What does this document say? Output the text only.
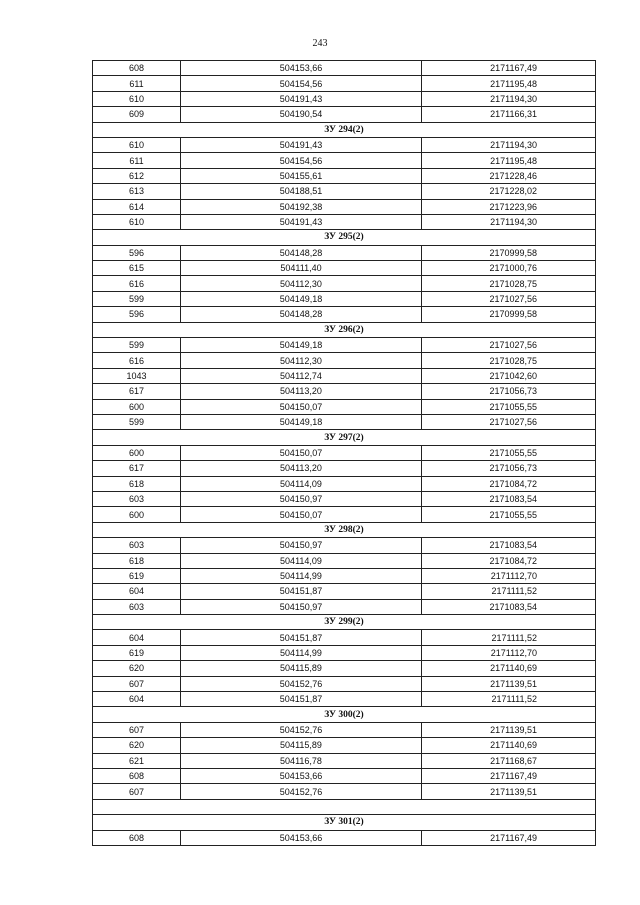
243
608	504153,66	2171167,49
611	504154,56	2171195,48
610	504191,43	2171194,30
609	504190,54	2171166,31
ЗУ 294(2)		
610	504191,43	2171194,30
611	504154,56	2171195,48
612	504155,61	2171228,46
613	504188,51	2171228,02
614	504192,38	2171223,96
610	504191,43	2171194,30
ЗУ 295(2)		
596	504148,28	2170999,58
615	504111,40	2171000,76
616	504112,30	2171028,75
599	504149,18	2171027,56
596	504148,28	2170999,58
ЗУ 296(2)		
599	504149,18	2171027,56
616	504112,30	2171028,75
1043	504112,74	2171042,60
617	504113,20	2171056,73
600	504150,07	2171055,55
599	504149,18	2171027,56
ЗУ 297(2)		
600	504150,07	2171055,55
617	504113,20	2171056,73
618	504114,09	2171084,72
603	504150,97	2171083,54
600	504150,07	2171055,55
ЗУ 298(2)		
603	504150,97	2171083,54
618	504114,09	2171084,72
619	504114,99	2171112,70
604	504151,87	2171111,52
603	504150,97	2171083,54
ЗУ 299(2)		
604	504151,87	2171111,52
619	504114,99	2171112,70
620	504115,89	2171140,69
607	504152,76	2171139,51
604	504151,87	2171111,52
ЗУ 300(2)		
607	504152,76	2171139,51
620	504115,89	2171140,69
621	504116,78	2171168,67
608	504153,66	2171167,49
607	504152,76	2171139,51

ЗУ 301(2)		
608	504153,66	2171167,49
